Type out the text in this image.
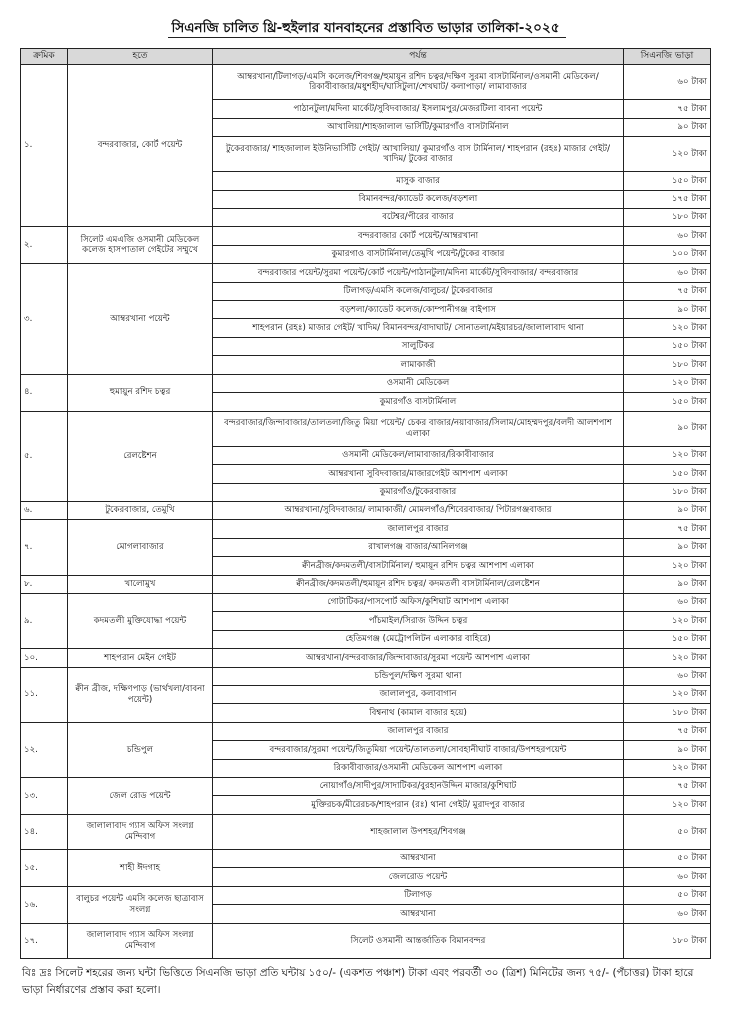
সিএনজি চালিত থ্রি-হুইলার যানবাহনের প্রস্তাবিত ভাড়ার তালিকা-২০২৫
ক্রমিক	হতে	পর্যন্ত	সিএনজি ভাড়া
১.	বন্দরবাজার, কোর্ট পয়েন্ট	আম্বরখানা/টিলাগড়/এমসি কলেজ/শিবগঞ্জ/হুমায়ূন রশিদ চত্বর/দক্ষিণ সুরমা বাসটার্মিনাল/ওসমানী মেডিকেল/রিকাবীবাজার/মধুশহীদ/ঘাসিটুলা/শেখঘাট/ কলাপাড়া/ লামাবাজার	৬০ টাকা
		পাঠানটুলা/মদিনা মার্কেট/সুবিদবাজার/ ইসলামপুর/মেজরটিলা বাবনা পয়েন্ট	৭৫ টাকা
		আখালিয়া/শাহজালাল ভার্সিটি/কুমারগাঁও বাসটার্মিনাল	৯০ টাকা
		টুকেরবাজার/ শাহজালাল ইউনিভার্সিটি গেইট/ আখালিয়া/ কুমারগাঁও বাস টার্মিনাল/ শাহপরান (রহঃ) মাজার গেইট/ খাদিম/ টুকের বাজার	১২০ টাকা
		মাসুক বাজার	১৫০ টাকা
		বিমানবন্দর/ক্যাডেট কলেজ/বড়শলা	১৭৫ টাকা
		বটেশ্বর/পীরের বাজার	১৮০ টাকা
২.	সিলেট এমএজি ওসমানী মেডিকেল কলেজ হাসপাতাল গেইটের সম্মুখে	বন্দরবাজার কোর্ট পয়েন্ট/আম্বরখানা	৬০ টাকা
		কুমারগাও বাসটার্মিনাল/তেমুখি পয়েন্ট/টুকের বাজার	১০০ টাকা
৩.	আম্বরখানা পয়েন্ট	বন্দরবাজার পয়েন্ট/সুরমা পয়েন্ট/কোর্ট পয়েন্ট/পাঠানটুলা/মদিনা মার্কেট/সুবিদবাজার/ বন্দরবাজার	৬০ টাকা
		টিলাগড়/এমসি কলেজ/বালুচর/ টুকেরবাজার	৭৫ টাকা
		বড়শলা/ক্যাডেট কলেজ/কোম্পানীগঞ্জ বাইপাস	৯০ টাকা
		শাহপরান (রহঃ) মাজার গেইট/ খাদিম/ বিমানবন্দর/বাদাঘাট/ সোনাতলা/মইয়ারচর/জালালাবাদ থানা	১২০ টাকা
		সালুটিকর	১৫০ টাকা
		লামাকাজী	১৮০ টাকা
৪.	হুমায়ুন রশিদ চত্বর	ওসমানী মেডিকেল	১২০ টাকা
		কুমারগাঁও বাসটার্মিনাল	১৫০ টাকা
৫.	রেলষ্টেশন	বন্দরবাজার/জিন্দাবাজার/তালতলা/জিতু মিয়া পয়েন্ট/ চেকর বাজার/নয়াবাজার/সিলাম/মোহম্মদপুর/বলদী আলশপাশ এলাকা	৯০ টাকা
		ওসমানী মেডিকেল/লামাবাজার/রিকাবীবাজার	১২০ টাকা
		আম্বরখানা সুবিদবাজার/মাজারগেইট আশপাশ এলাকা	১৫০ টাকা
		কুমারগাঁও/টুকেরবাজার	১৮০ টাকা
৬.	টুকেরবাজার, তেমুখি	আম্বরখানা/সুবিদবাজার/ লামাকাজী/ মোমলগাঁও/শিবেরবাজার/ পিটারগঞ্জবাজার	৯০ টাকা
৭.	মোগলাবাজার	জালালপুর বাজার	৭৫ টাকা
		রাখালগঞ্জ বাজার/আনিলগঞ্জ	৯০ টাকা
		ক্বীনব্রীজ/কদমতলী/বাসটার্মিনাল/ হুমায়ূন রশিদ চত্বর আশপাশ এলাকা	১২০ টাকা
৮.	খালোমুখ	ক্বীনব্রীজ/কদমতলী/হুমায়ূন রশিদ চত্বর/ কদমতলী বাসটার্মিনাল/রেলষ্টেশন	৯০ টাকা
৯.	কদমতলী মুক্তিযোদ্ধা পয়েন্ট	গোটাটিকর/পাসপোর্ট অফিস/কুশিঘাট আশপাশ এলাকা	৬০ টাকা
		পাঁচমাইল/সিরাজ উদ্দিন চত্বর	১২০ টাকা
		হেতিমগঞ্জ (মেট্রোপলিটন এলাকার বাহিরে)	১৫০ টাকা
১০.	শাহপরান মেইন গেইট	আম্বরখানা/বন্দরবাজার/জিন্দাবাজার/সুরমা পয়েন্ট আশপাশ এলাকা	১২০ টাকা
১১.	ক্বীন ব্রীজ, দক্ষিণপাড় (ভার্থখলা/বাবনা পয়েন্ট)	চন্ডিপুল/দক্ষিণ সুরমা থানা	৬০ টাকা
		জালালপুর, কলাবাগান	১২০ টাকা
		বিশ্বনাথ (কামাল বাজার হয়ে)	১৮০ টাকা
১২.	চন্ডিপুল	জালালপুর বাজার	৭৫ টাকা
		বন্দরবাজার/সুরমা পয়েন্ট/জিতুমিয়া পয়েন্ট/তালতলা/সোবহানীঘাট বাজার/উপশহরপয়েন্ট	৯০ টাকা
		রিকাবীবাজার/ওসমানী মেডিকেল আশপাশ এলাকা	১২০ টাকা
১৩.	জেল রোড পয়েন্ট	নোয়াগাঁও/সাদীপুর/সাদাটিকর/বুরহানউদ্দিন মাজার/কুশিঘাট	৭৫ টাকা
		মুক্তিরচক/মীরেরচক/শাহপরান (রঃ) থানা গেইট/ মুরাদপুর বাজার	১২০ টাকা
১৪.	জালালাবাদ গ্যাস অফিস সংলগ্ন মেন্দিবাগ	শাহজালাল উপশহর/শিবগঞ্জ	৫০ টাকা
১৫.	শাহী ঈদগাহ	আম্বরখানা	৫০ টাকা
		জেলরোড পয়েন্ট	৬০ টাকা
১৬.	বালুচর পয়েন্ট এমসি কলেজ ছাত্রাবাস সংলগ্ন	টিলাগড়	৫০ টাকা
		আম্বরখানা	৬০ টাকা
১৭.	জালালাবাদ গ্যাস অফিস সংলগ্ন মেন্দিবাগ	সিলেট ওসমানী আন্তর্জাতিক বিমানবন্দর	১৮০ টাকা
বিঃ দ্রঃ সিলেট শহরের জন্য ঘন্টা ভিত্তিতে সিএনজি ভাড়া প্রতি ঘন্টায় ১৫০/- (একশত পঞ্চাশ) টাকা এবং পরবর্তী ৩০ (ত্রিশ) মিনিটের জন্য ৭৫/- (পঁচাত্তর) টাকা হারে ভাড়া নির্ধারণের প্রস্তাব করা হলো।
